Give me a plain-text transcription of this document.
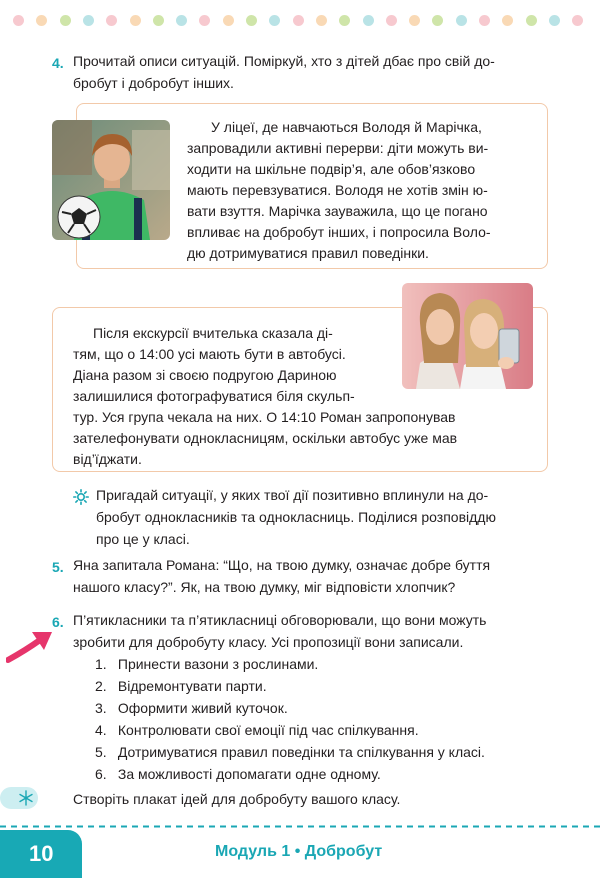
4. Прочитай описи ситуацій. Поміркуй, хто з дітей дбає про свій до-
бробут і добробут інших.
У ліцеї, де навчаються Володя й Марічка,
запровадили активні перерви: діти можуть ви-
ходити на шкільне подвір’я, але обов’язково
мають перевзуватися. Володя не хотів змін ю-
вати взуття. Марічка зауважила, що це погано
впливає на добробут інших, і попросила Воло-
дю дотримуватися правил поведінки.
Після екскурсії вчителька сказала ді-
тям, що о 14:00 усі мають бути в автобусі.
Діана разом зі своєю подругою Дариною
залишилися фотографуватися біля скульп-
тур. Уся група чекала на них. О 14:10 Роман запропонував
зателефонувати однокласницям, оскільки автобус уже мав
від’їджати.
Пригадай ситуації, у яких твої дії позитивно вплинули на до-
бробут однокласників та однокласниць. Поділися розповіддю
про це у класі.
5. Яна запитала Романа: “Що, на твою думку, означає добре буття
нашого класу?”. Як, на твою думку, міг відповісти хлопчик?
6. П’ятикласники та п’ятикласниці обговорювали, що вони можуть
зробити для добробуту класу. Усі пропозиції вони записали.
1. Принести вазони з рослинами.
2. Відремонтувати парти.
3. Оформити живий куточок.
4. Контролювати свої емоції під час спілкування.
5. Дотримуватися правил поведінки та спілкування у класі.
6. За можливості допомагати одне одному.
Створіть плакат ідей для добробуту вашого класу.
10	Модуль 1 • Добробут
